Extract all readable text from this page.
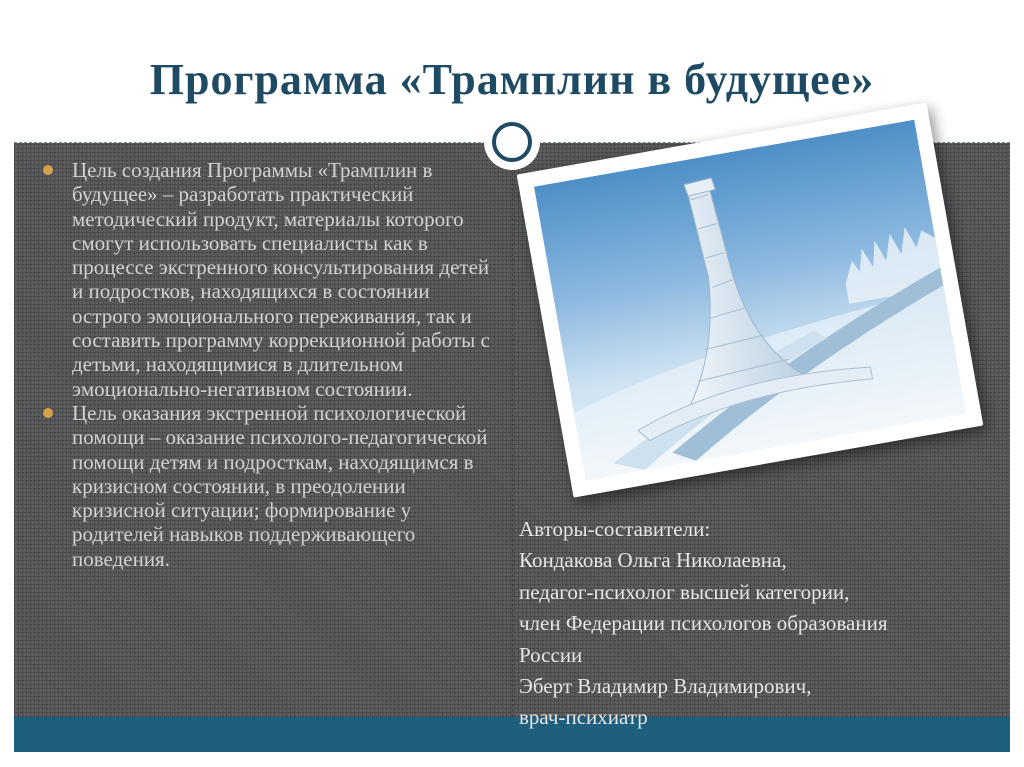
Программа «Трамплин в будущее»
Цель создания Программы «Трамплин в будущее» – разработать практический методический продукт, материалы которого смогут использовать специалисты как в процессе экстренного консультирования детей и подростков, находящихся в состоянии острого эмоционального переживания, так и составить программу коррекционной работы с детьми, находящимися в длительном эмоционально-негативном состоянии.
Цель оказания экстренной психологической помощи – оказание психолого-педагогической помощи детям и подросткам, находящимся в кризисном состоянии, в преодолении кризисной ситуации; формирование у родителей навыков поддерживающего поведения.
Авторы-составители:
Кондакова Ольга Николаевна,
педагог-психолог высшей категории,
член Федерации психологов образования
России
Эберт Владимир Владимирович,
врач-психиатр
